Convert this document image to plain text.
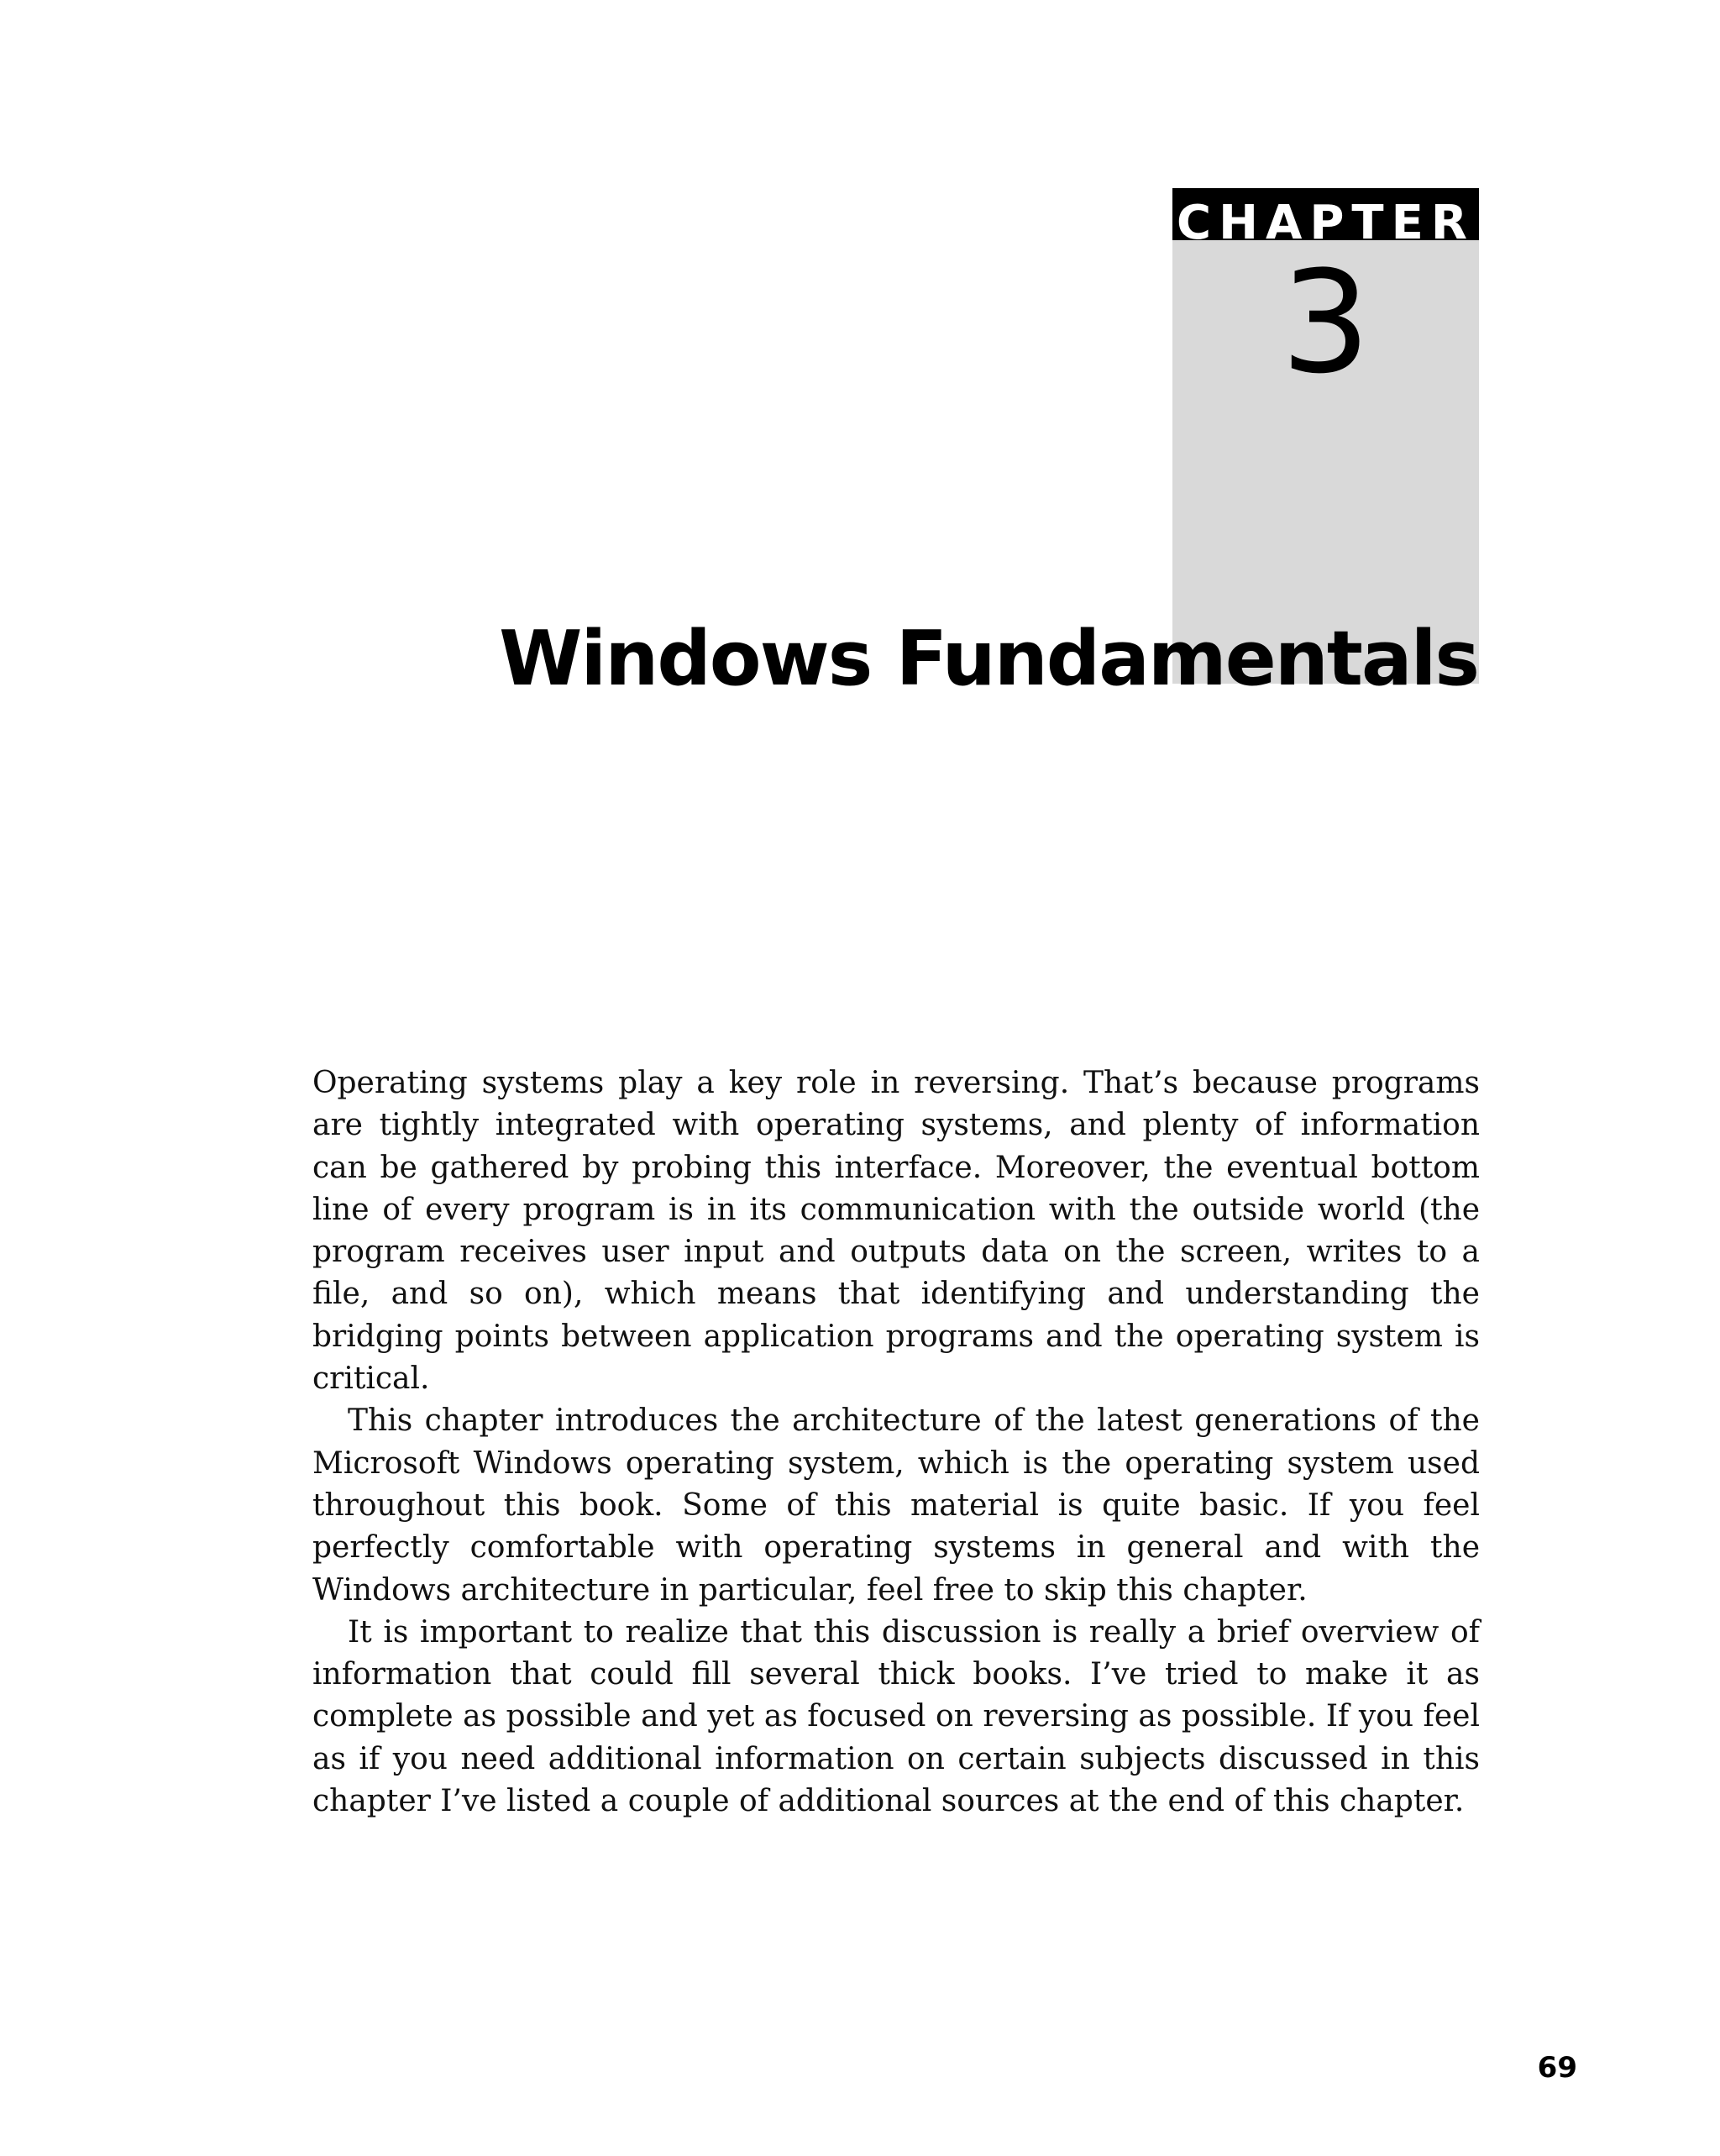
CHAPTER
3
Windows Fundamentals

Operating systems play a key role in reversing. That’s because programs are tightly integrated with operating systems, and plenty of information can be gathered by probing this interface. Moreover, the eventual bottom line of every program is in its communication with the outside world (the program receives user input and outputs data on the screen, writes to a file, and so on), which means that identifying and understanding the bridging points between application programs and the operating system is critical.

This chapter introduces the architecture of the latest generations of the Microsoft Windows operating system, which is the operating system used throughout this book. Some of this material is quite basic. If you feel perfectly comfortable with operating systems in general and with the Windows architecture in particular, feel free to skip this chapter.

It is important to realize that this discussion is really a brief overview of information that could fill several thick books. I’ve tried to make it as complete as possible and yet as focused on reversing as possible. If you feel as if you need additional information on certain subjects discussed in this chapter I’ve listed a couple of additional sources at the end of this chapter.

69
